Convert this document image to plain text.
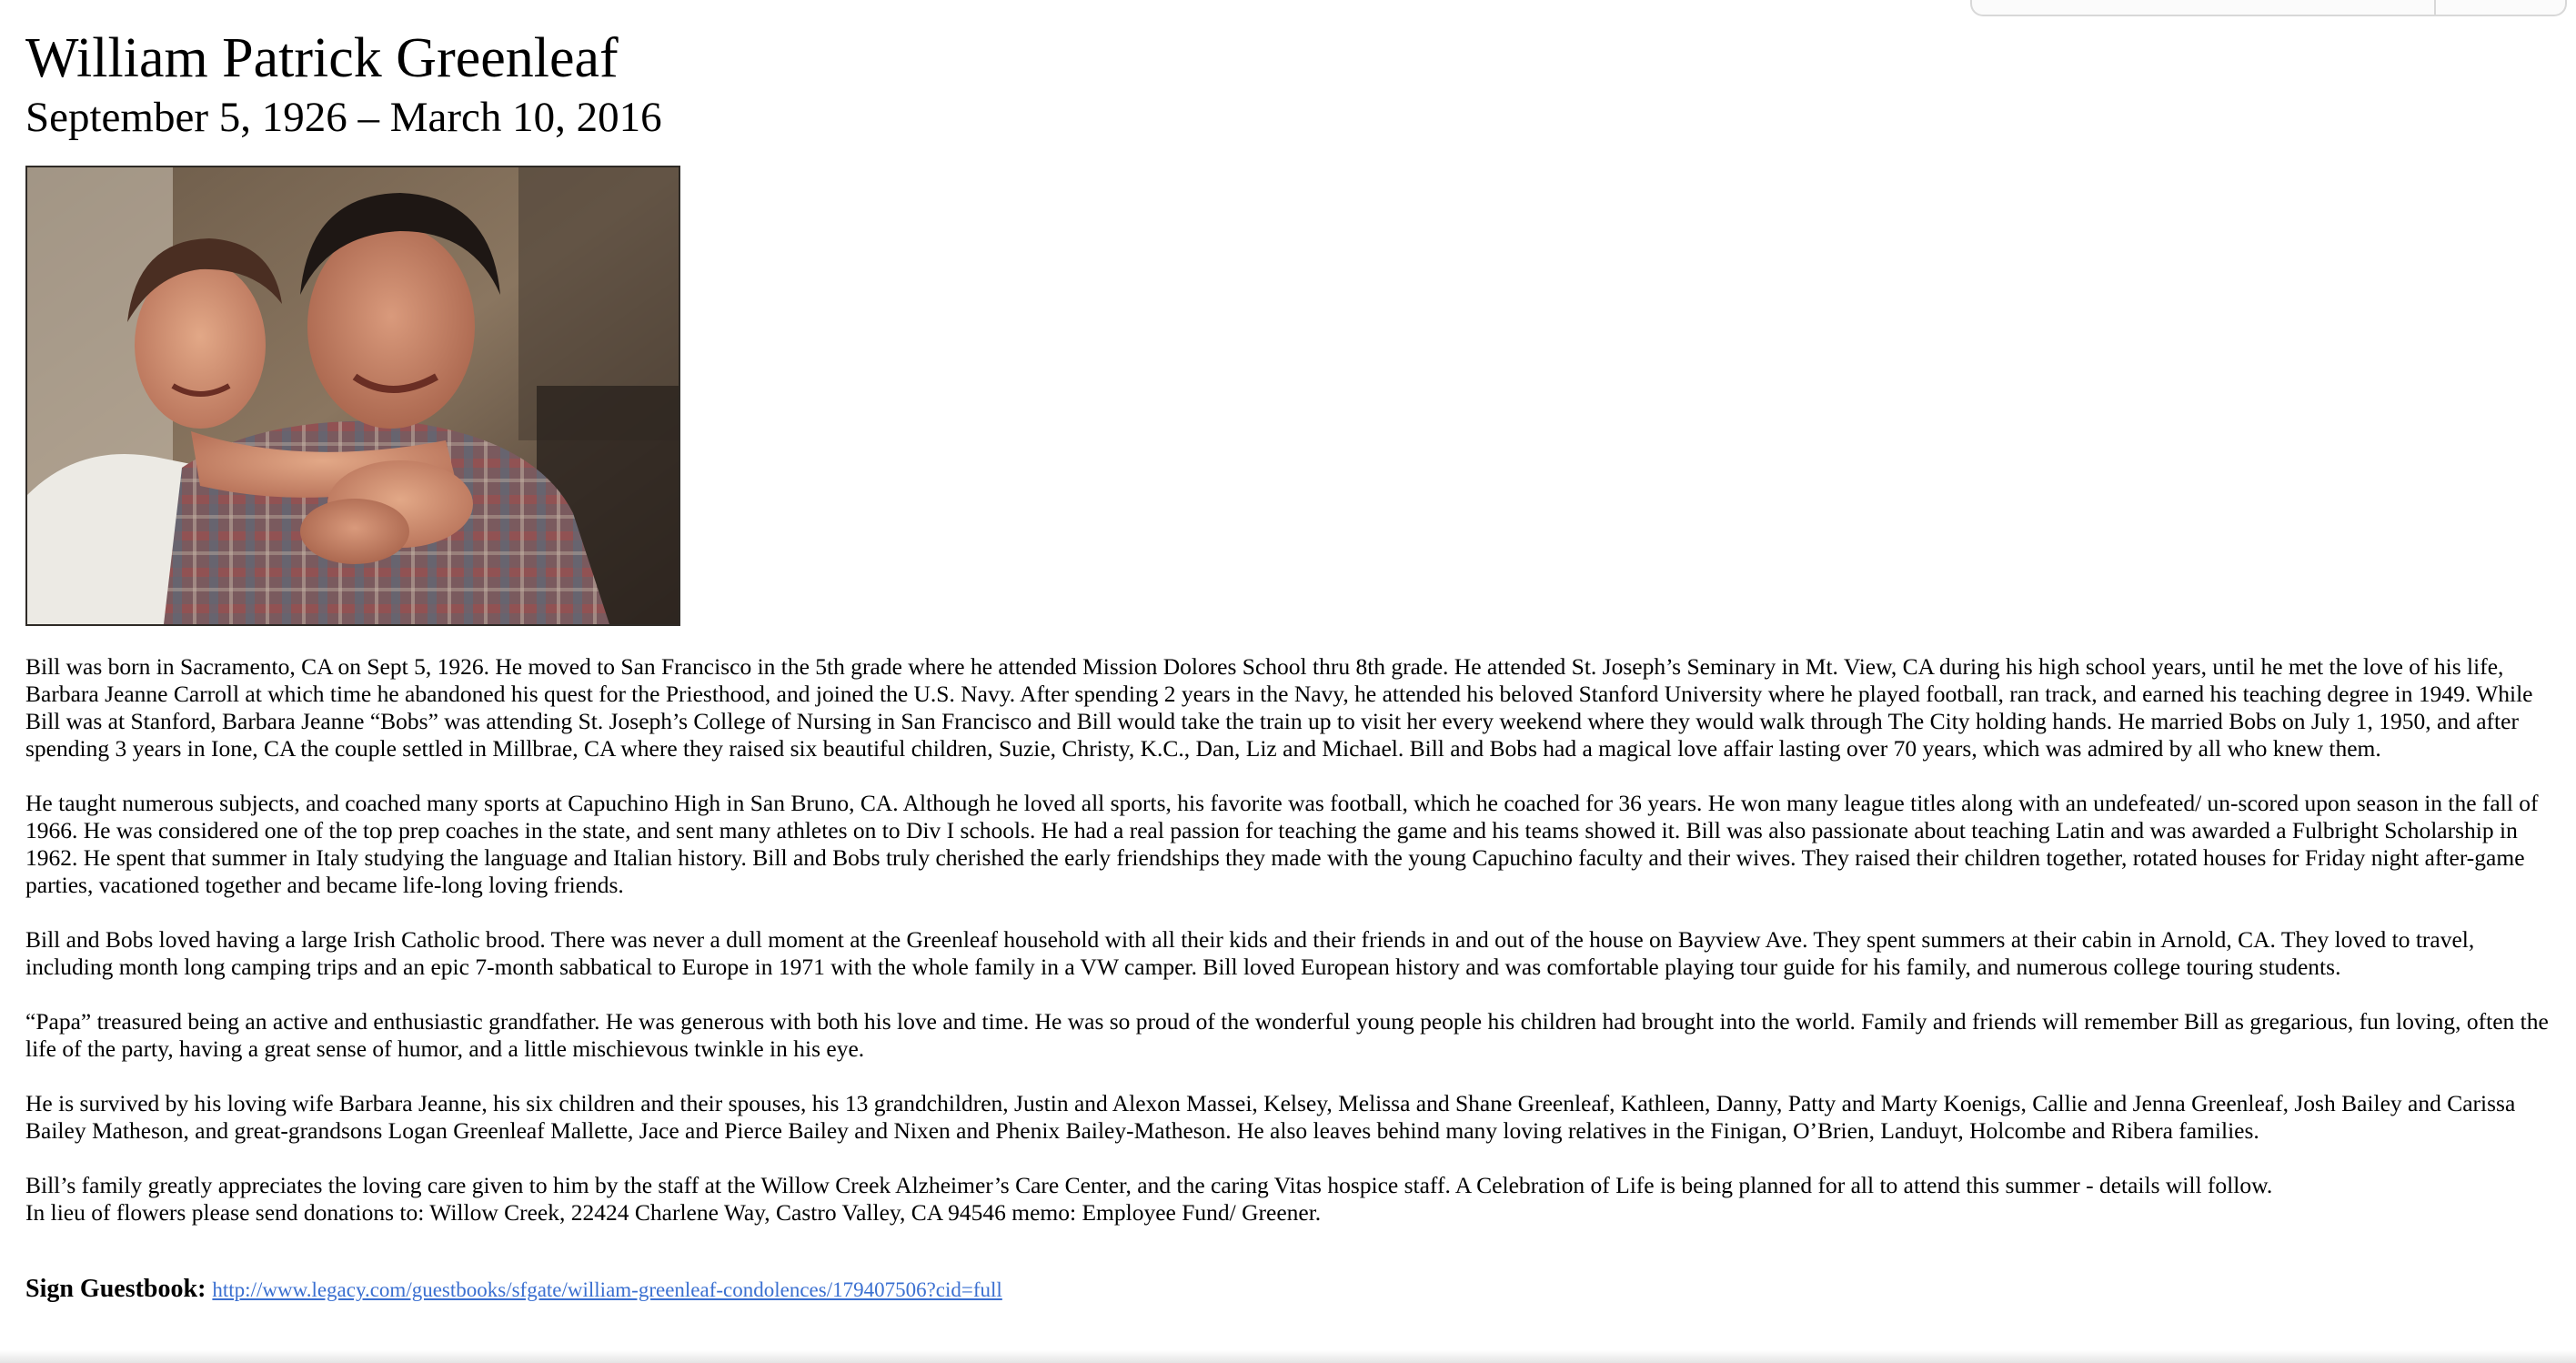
William Patrick Greenleaf
September 5, 1926 – March 10, 2016

Bill was born in Sacramento, CA on Sept 5, 1926. He moved to San Francisco in the 5th grade where he attended Mission Dolores School thru 8th grade. He attended St. Joseph’s Seminary in Mt. View, CA during his high school years, until he met the love of his life, Barbara Jeanne Carroll at which time he abandoned his quest for the Priesthood, and joined the U.S. Navy. After spending 2 years in the Navy, he attended his beloved Stanford University where he played football, ran track, and earned his teaching degree in 1949. While Bill was at Stanford, Barbara Jeanne “Bobs” was attending St. Joseph’s College of Nursing in San Francisco and Bill would take the train up to visit her every weekend where they would walk through The City holding hands. He married Bobs on July 1, 1950, and after spending 3 years in Ione, CA the couple settled in Millbrae, CA where they raised six beautiful children, Suzie, Christy, K.C., Dan, Liz and Michael. Bill and Bobs had a magical love affair lasting over 70 years, which was admired by all who knew them.

He taught numerous subjects, and coached many sports at Capuchino High in San Bruno, CA. Although he loved all sports, his favorite was football, which he coached for 36 years. He won many league titles along with an undefeated/ un-scored upon season in the fall of 1966. He was considered one of the top prep coaches in the state, and sent many athletes on to Div I schools. He had a real passion for teaching the game and his teams showed it. Bill was also passionate about teaching Latin and was awarded a Fulbright Scholarship in 1962. He spent that summer in Italy studying the language and Italian history. Bill and Bobs truly cherished the early friendships they made with the young Capuchino faculty and their wives. They raised their children together, rotated houses for Friday night after-game parties, vacationed together and became life-long loving friends.

Bill and Bobs loved having a large Irish Catholic brood. There was never a dull moment at the Greenleaf household with all their kids and their friends in and out of the house on Bayview Ave. They spent summers at their cabin in Arnold, CA. They loved to travel, including month long camping trips and an epic 7-month sabbatical to Europe in 1971 with the whole family in a VW camper. Bill loved European history and was comfortable playing tour guide for his family, and numerous college touring students.

“Papa” treasured being an active and enthusiastic grandfather. He was generous with both his love and time. He was so proud of the wonderful young people his children had brought into the world. Family and friends will remember Bill as gregarious, fun loving, often the life of the party, having a great sense of humor, and a little mischievous twinkle in his eye.

He is survived by his loving wife Barbara Jeanne, his six children and their spouses, his 13 grandchildren, Justin and Alexon Massei, Kelsey, Melissa and Shane Greenleaf, Kathleen, Danny, Patty and Marty Koenigs, Callie and Jenna Greenleaf, Josh Bailey and Carissa Bailey Matheson, and great-grandsons Logan Greenleaf Mallette, Jace and Pierce Bailey and Nixen and Phenix Bailey-Matheson. He also leaves behind many loving relatives in the Finigan, O’Brien, Landuyt, Holcombe and Ribera families.

Bill’s family greatly appreciates the loving care given to him by the staff at the Willow Creek Alzheimer’s Care Center, and the caring Vitas hospice staff. A Celebration of Life is being planned for all to attend this summer - details will follow.
In lieu of flowers please send donations to: Willow Creek, 22424 Charlene Way, Castro Valley, CA 94546 memo: Employee Fund/ Greener.

Sign Guestbook: http://www.legacy.com/guestbooks/sfgate/william-greenleaf-condolences/179407506?cid=full
